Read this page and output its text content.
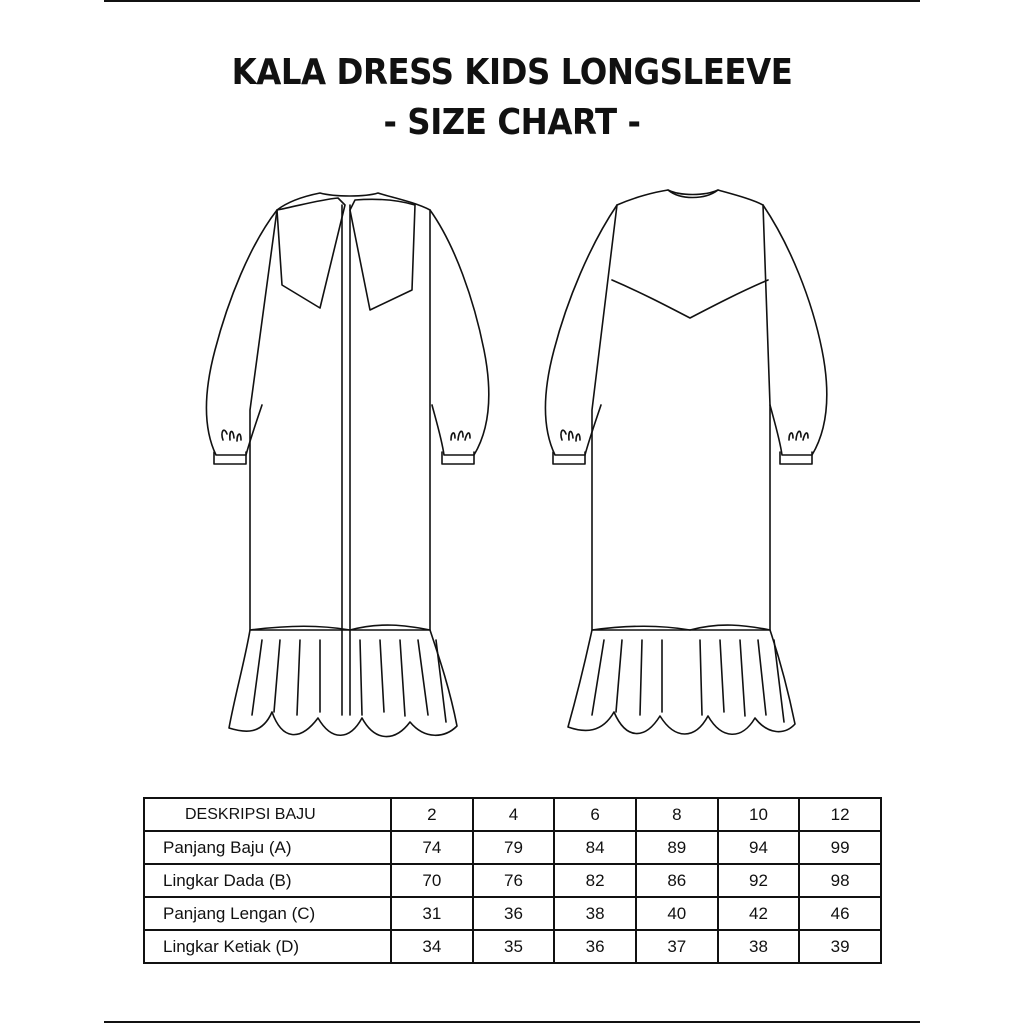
KALA DRESS KIDS LONGSLEEVE
- SIZE CHART -
DESKRIPSI BAJU	2	4	6	8	10	12
Panjang Baju (A)	74	79	84	89	94	99
Lingkar Dada (B)	70	76	82	86	92	98
Panjang Lengan (C)	31	36	38	40	42	46
Lingkar Ketiak (D)	34	35	36	37	38	39
